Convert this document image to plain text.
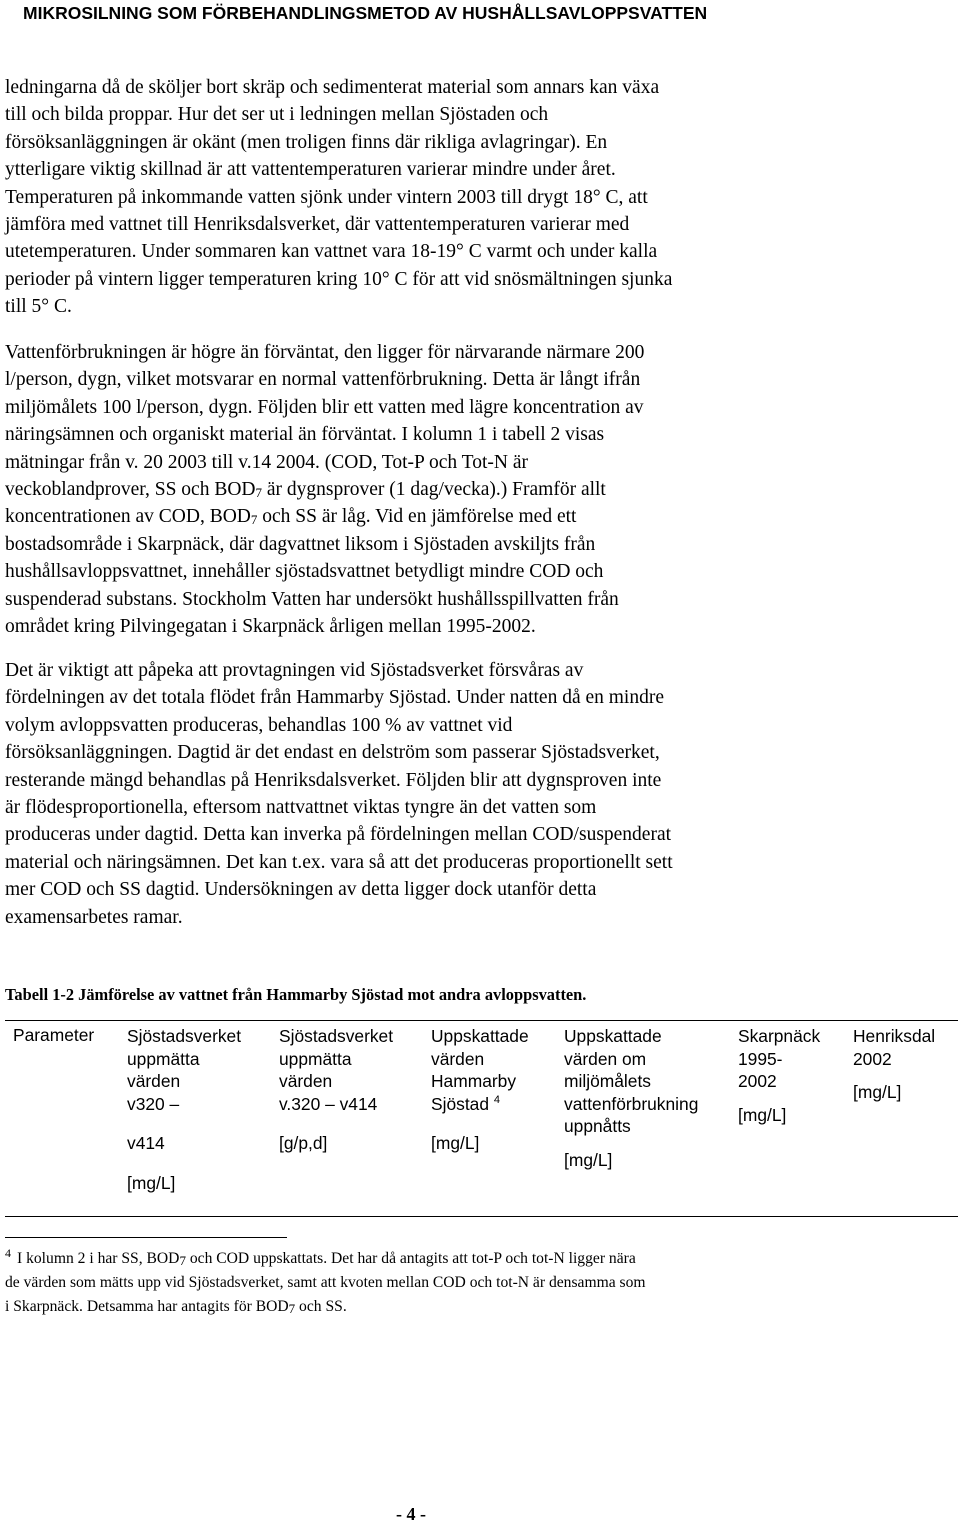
MIKROSILNING SOM FÖRBEHANDLINGSMETOD AV HUSHÅLLSAVLOPPSVATTEN

ledningarna då de sköljer bort skräp och sedimenterat material som annars kan växa
till och bilda proppar. Hur det ser ut i ledningen mellan Sjöstaden och
försöksanläggningen är okänt (men troligen finns där rikliga avlagringar). En
ytterligare viktig skillnad är att vattentemperaturen varierar mindre under året.
Temperaturen på inkommande vatten sjönk under vintern 2003 till drygt 18° C, att
jämföra med vattnet till Henriksdalsverket, där vattentemperaturen varierar med
utetemperaturen. Under sommaren kan vattnet vara 18-19° C varmt och under kalla
perioder på vintern ligger temperaturen kring 10° C för att vid snösmältningen sjunka
till 5° C.

Vattenförbrukningen är högre än förväntat, den ligger för närvarande närmare 200
l/person, dygn, vilket motsvarar en normal vattenförbrukning. Detta är långt ifrån
miljömålets 100 l/person, dygn. Följden blir ett vatten med lägre koncentration av
näringsämnen och organiskt material än förväntat. I kolumn 1 i tabell 2 visas
mätningar från v. 20 2003 till v.14 2004. (COD, Tot-P och Tot-N är
veckoblandprover, SS och $BOD_7$ är dygnsprover (1 dag/vecka).) Framför allt
koncentrationen av COD, $BOD_7$ och SS är låg. Vid en jämförelse med ett
bostadsområde i Skarpnäck, där dagvattnet liksom i Sjöstaden avskiljts från
hushållsavloppsvattnet, innehåller sjöstadsvattnet betydligt mindre COD och
suspenderad substans. Stockholm Vatten har undersökt hushållsspillvatten från
området kring Pilvingegatan i Skarpnäck årligen mellan 1995-2002.

Det är viktigt att påpeka att provtagningen vid Sjöstadsverket försvåras av
fördelningen av det totala flödet från Hammarby Sjöstad. Under natten då en mindre
volym avloppsvatten produceras, behandlas 100 % av vattnet vid
försöksanläggningen. Dagtid är det endast en delström som passerar Sjöstadsverket,
resterande mängd behandlas på Henriksdalsverket. Följden blir att dygnsproven inte
är flödesproportionella, eftersom nattvattnet viktas tyngre än det vatten som
produceras under dagtid. Detta kan inverka på fördelningen mellan COD/suspenderat
material och näringsämnen. Det kan t.ex. vara så att det produceras proportionellt sett
mer COD och SS dagtid. Undersökningen av detta ligger dock utanför detta
examensarbetes ramar.

Tabell 1-2 Jämförelse av vattnet från Hammarby Sjöstad mot andra avloppsvatten.
Parameter Sjöstadsverket
uppmätta
värden
v320 –
v414
[mg/L]
Sjöstadsverket
uppmätta
värden
v.320 – v414
[g/p,d]
Uppskattade
värden
Hammarby
Sjöstad $^4$
[mg/L]
Uppskattade
värden om
miljömålets
vattenförbrukning
uppnåtts
[mg/L]
Skarpnäck
1995-
2002
[mg/L]
Henriksdal
2002
[mg/L]
$^4$ I kolumn 2 i har SS, $BOD_7$ och COD uppskattats. Det har då antagits att tot-P och tot-N ligger nära
de värden som mätts upp vid Sjöstadsverket, samt att kvoten mellan COD och tot-N är densamma som
i Skarpnäck. Detsamma har antagits för $BOD_7$ och SS.
- 4 -
